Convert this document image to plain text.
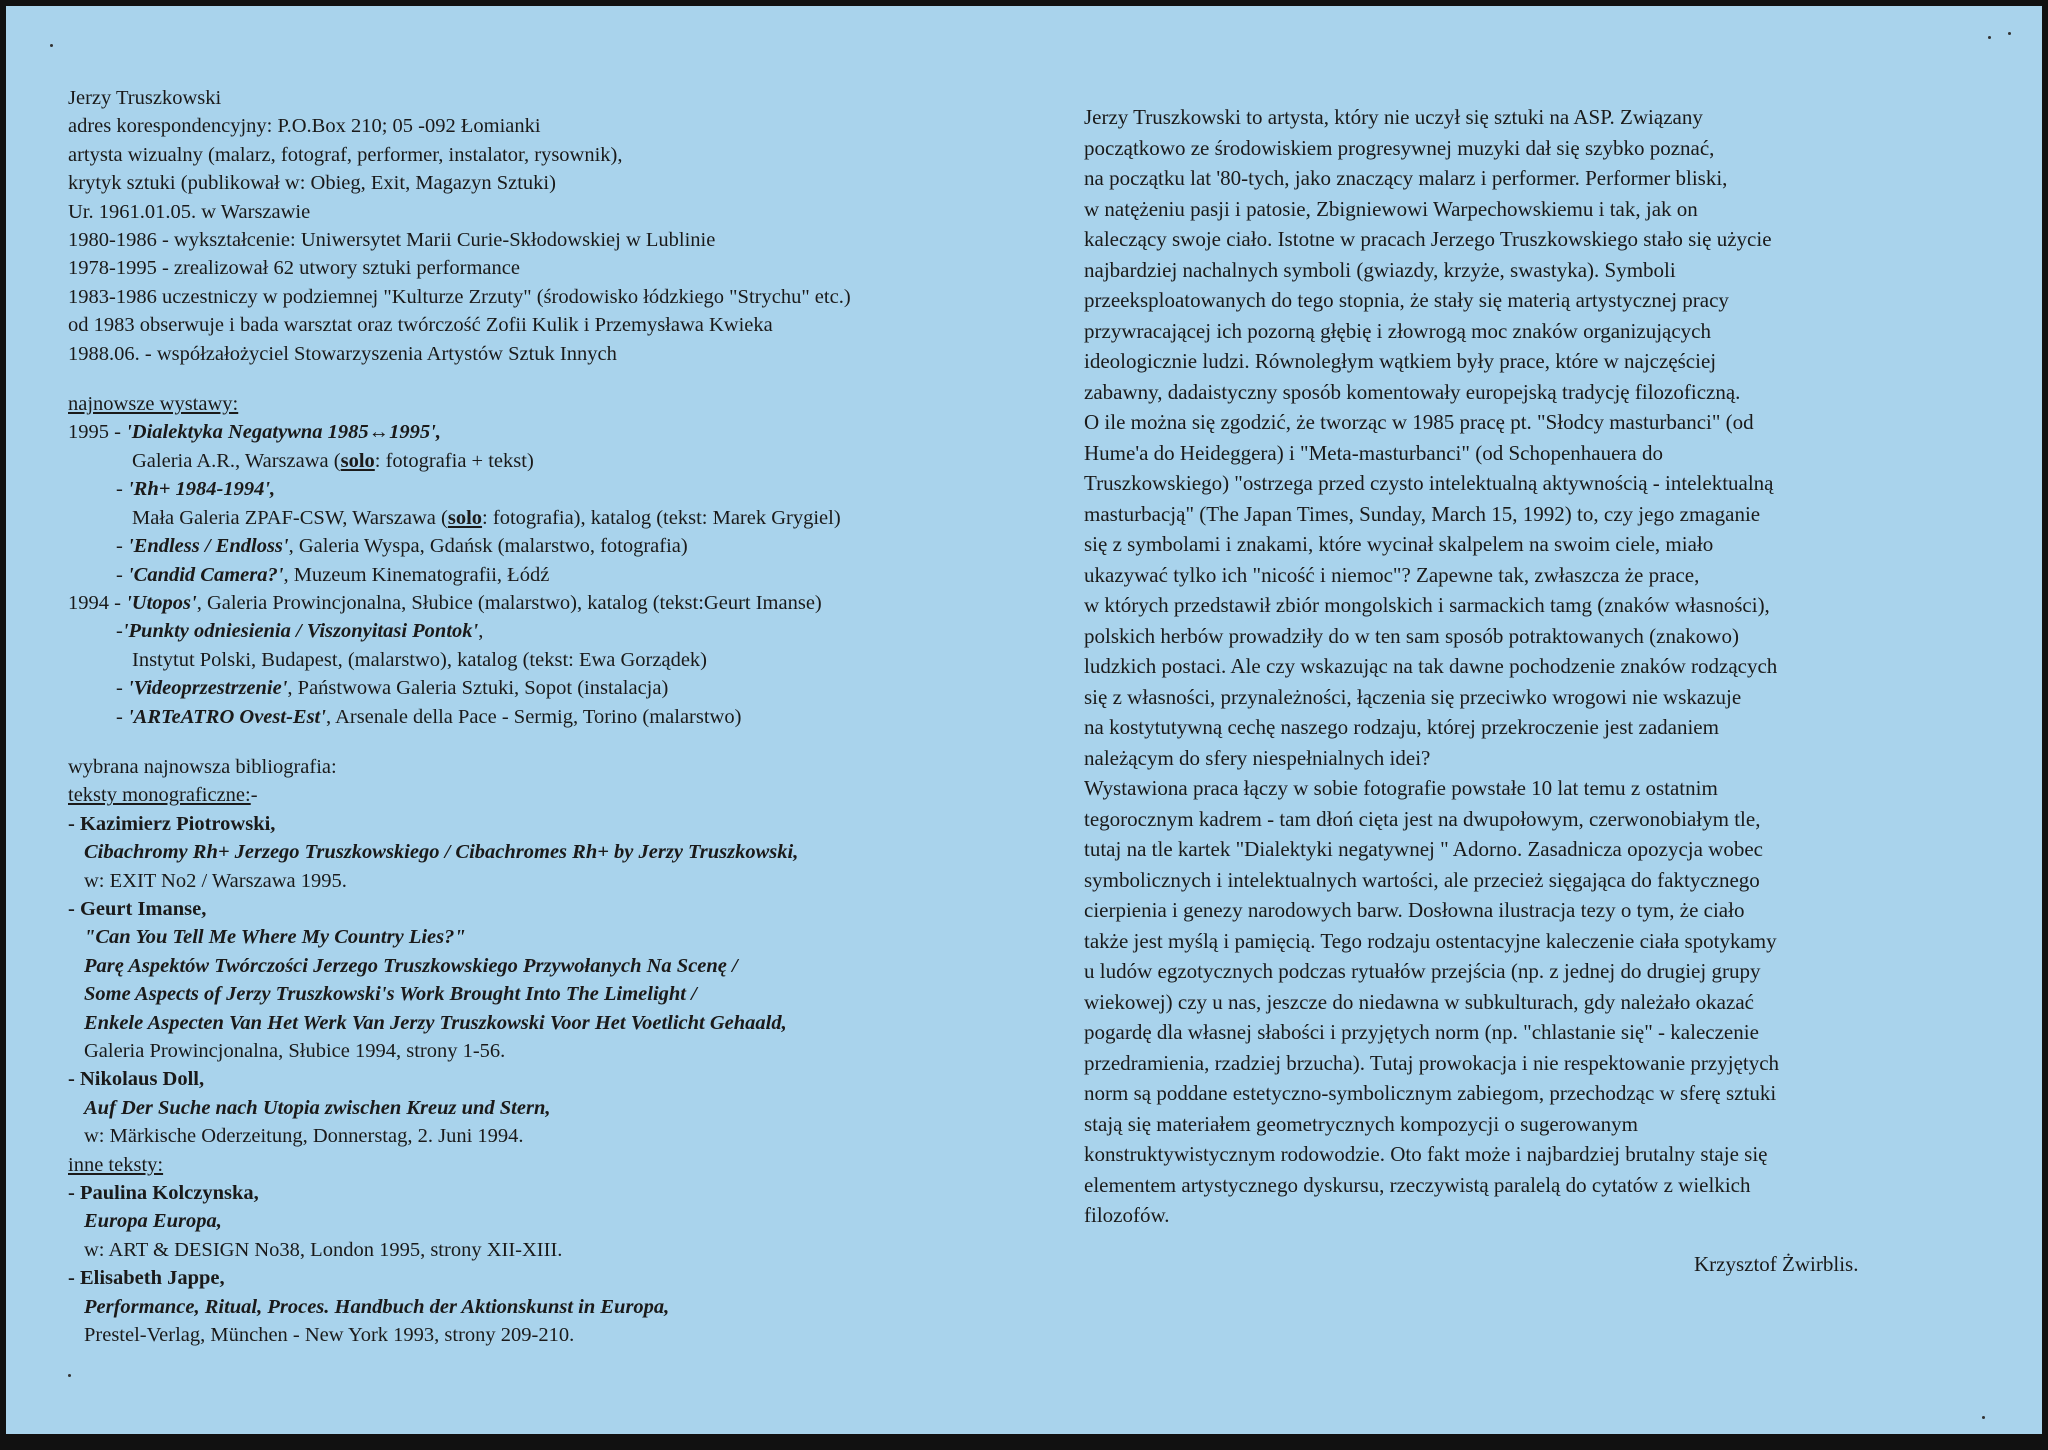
Jerzy Truszkowski
adres korespondencyjny: P.O.Box 210; 05 -092 Łomianki
artysta wizualny (malarz, fotograf, performer, instalator, rysownik),
krytyk sztuki (publikował w: Obieg, Exit, Magazyn Sztuki)
Ur. 1961.01.05. w Warszawie
1980-1986 - wykształcenie: Uniwersytet Marii Curie-Skłodowskiej w Lublinie
1978-1995 - zrealizował 62 utwory sztuki performance
1983-1986 uczestniczy w podziemnej "Kulturze Zrzuty" (środowisko łódzkiego "Strychu" etc.)
od 1983 obserwuje i bada warsztat oraz twórczość Zofii Kulik i Przemysława Kwieka
1988.06. - współzałożyciel Stowarzyszenia Artystów Sztuk Innych
najnowsze wystawy:
1995 - 'Dialektyka Negatywna 1985↔1995',
Galeria A.R., Warszawa (solo: fotografia + tekst)
- 'Rh+ 1984-1994',
Mała Galeria ZPAF-CSW, Warszawa (solo: fotografia), katalog (tekst: Marek Grygiel)
- 'Endless / Endloss', Galeria Wyspa, Gdańsk (malarstwo, fotografia)
- 'Candid Camera?', Muzeum Kinematografii, Łódź
1994 - 'Utopos', Galeria Prowincjonalna, Słubice (malarstwo), katalog (tekst:Geurt Imanse)
-'Punkty odniesienia / Viszonyitasi Pontok',
Instytut Polski, Budapest, (malarstwo), katalog (tekst: Ewa Gorządek)
- 'Videoprzestrzenie', Państwowa Galeria Sztuki, Sopot (instalacja)
- 'ARTeATRO Ovest-Est', Arsenale della Pace - Sermig, Torino (malarstwo)
wybrana najnowsza bibliografia:
teksty monograficzne:-
- Kazimierz Piotrowski,
Cibachromy Rh+ Jerzego Truszkowskiego / Cibachromes Rh+ by Jerzy Truszkowski,
w: EXIT No2 / Warszawa 1995.
- Geurt Imanse,
"Can You Tell Me Where My Country Lies?"
Parę Aspektów Twórczości Jerzego Truszkowskiego Przywołanych Na Scenę /
Some Aspects of Jerzy Truszkowski's Work Brought Into The Limelight /
Enkele Aspecten Van Het Werk Van Jerzy Truszkowski Voor Het Voetlicht Gehaald,
Galeria Prowincjonalna, Słubice 1994, strony 1-56.
- Nikolaus Doll,
Auf Der Suche nach Utopia zwischen Kreuz und Stern,
w: Märkische Oderzeitung, Donnerstag, 2. Juni 1994.
inne teksty:
- Paulina Kolczynska,
Europa Europa,
w: ART & DESIGN No38, London 1995, strony XII-XIII.
- Elisabeth Jappe,
Performance, Ritual, Proces. Handbuch der Aktionskunst in Europa,
Prestel-Verlag, München - New York 1993, strony 209-210.
Jerzy Truszkowski to artysta, który nie uczył się sztuki na ASP. Związany
początkowo ze środowiskiem progresywnej muzyki dał się szybko poznać,
na początku lat '80-tych, jako znaczący malarz i performer. Performer bliski,
w natężeniu pasji i patosie, Zbigniewowi Warpechowskiemu i tak, jak on
kaleczący swoje ciało. Istotne w pracach Jerzego Truszkowskiego stało się użycie
najbardziej nachalnych symboli (gwiazdy, krzyże, swastyka). Symboli
przeeksploatowanych do tego stopnia, że stały się materią artystycznej pracy
przywracającej ich pozorną głębię i złowrogą moc znaków organizujących
ideologicznie ludzi. Równoległym wątkiem były prace, które w najczęściej
zabawny, dadaistyczny sposób komentowały europejską tradycję filozoficzną.
O ile można się zgodzić, że tworząc w 1985 pracę pt. "Słodcy masturbanci" (od
Hume'a do Heideggera) i "Meta-masturbanci" (od Schopenhauera do
Truszkowskiego) "ostrzega przed czysto intelektualną aktywnością - intelektualną
masturbacją" (The Japan Times, Sunday, March 15, 1992) to, czy jego zmaganie
się z symbolami i znakami, które wycinał skalpelem na swoim ciele, miało
ukazywać tylko ich "nicość i niemoc"? Zapewne tak, zwłaszcza że prace,
w których przedstawił zbiór mongolskich i sarmackich tamg (znaków własności),
polskich herbów prowadziły do w ten sam sposób potraktowanych (znakowo)
ludzkich postaci. Ale czy wskazując na tak dawne pochodzenie znaków rodzących
się z własności, przynależności, łączenia się przeciwko wrogowi nie wskazuje
na kostytutywną cechę naszego rodzaju, której przekroczenie jest zadaniem
należącym do sfery niespełnialnych idei?
Wystawiona praca łączy w sobie fotografie powstałe 10 lat temu z ostatnim
tegorocznym kadrem - tam dłoń cięta jest na dwupołowym, czerwonobiałym tle,
tutaj na tle kartek "Dialektyki negatywnej " Adorno. Zasadnicza opozycja wobec
symbolicznych i intelektualnych wartości, ale przecież sięgająca do faktycznego
cierpienia i genezy narodowych barw. Dosłowna ilustracja tezy o tym, że ciało
także jest myślą i pamięcią. Tego rodzaju ostentacyjne kaleczenie ciała spotykamy
u ludów egzotycznych podczas rytuałów przejścia (np. z jednej do drugiej grupy
wiekowej) czy u nas, jeszcze do niedawna w subkulturach, gdy należało okazać
pogardę dla własnej słabości i przyjętych norm (np. "chlastanie się" - kaleczenie
przedramienia, rzadziej brzucha). Tutaj prowokacja i nie respektowanie przyjętych
norm są poddane estetyczno-symbolicznym zabiegom, przechodząc w sferę sztuki
stają się materiałem geometrycznych kompozycji o sugerowanym
konstruktywistycznym rodowodzie. Oto fakt może i najbardziej brutalny staje się
elementem artystycznego dyskursu, rzeczywistą paralelą do cytatów z wielkich
filozofów.
Krzysztof Żwirblis.
